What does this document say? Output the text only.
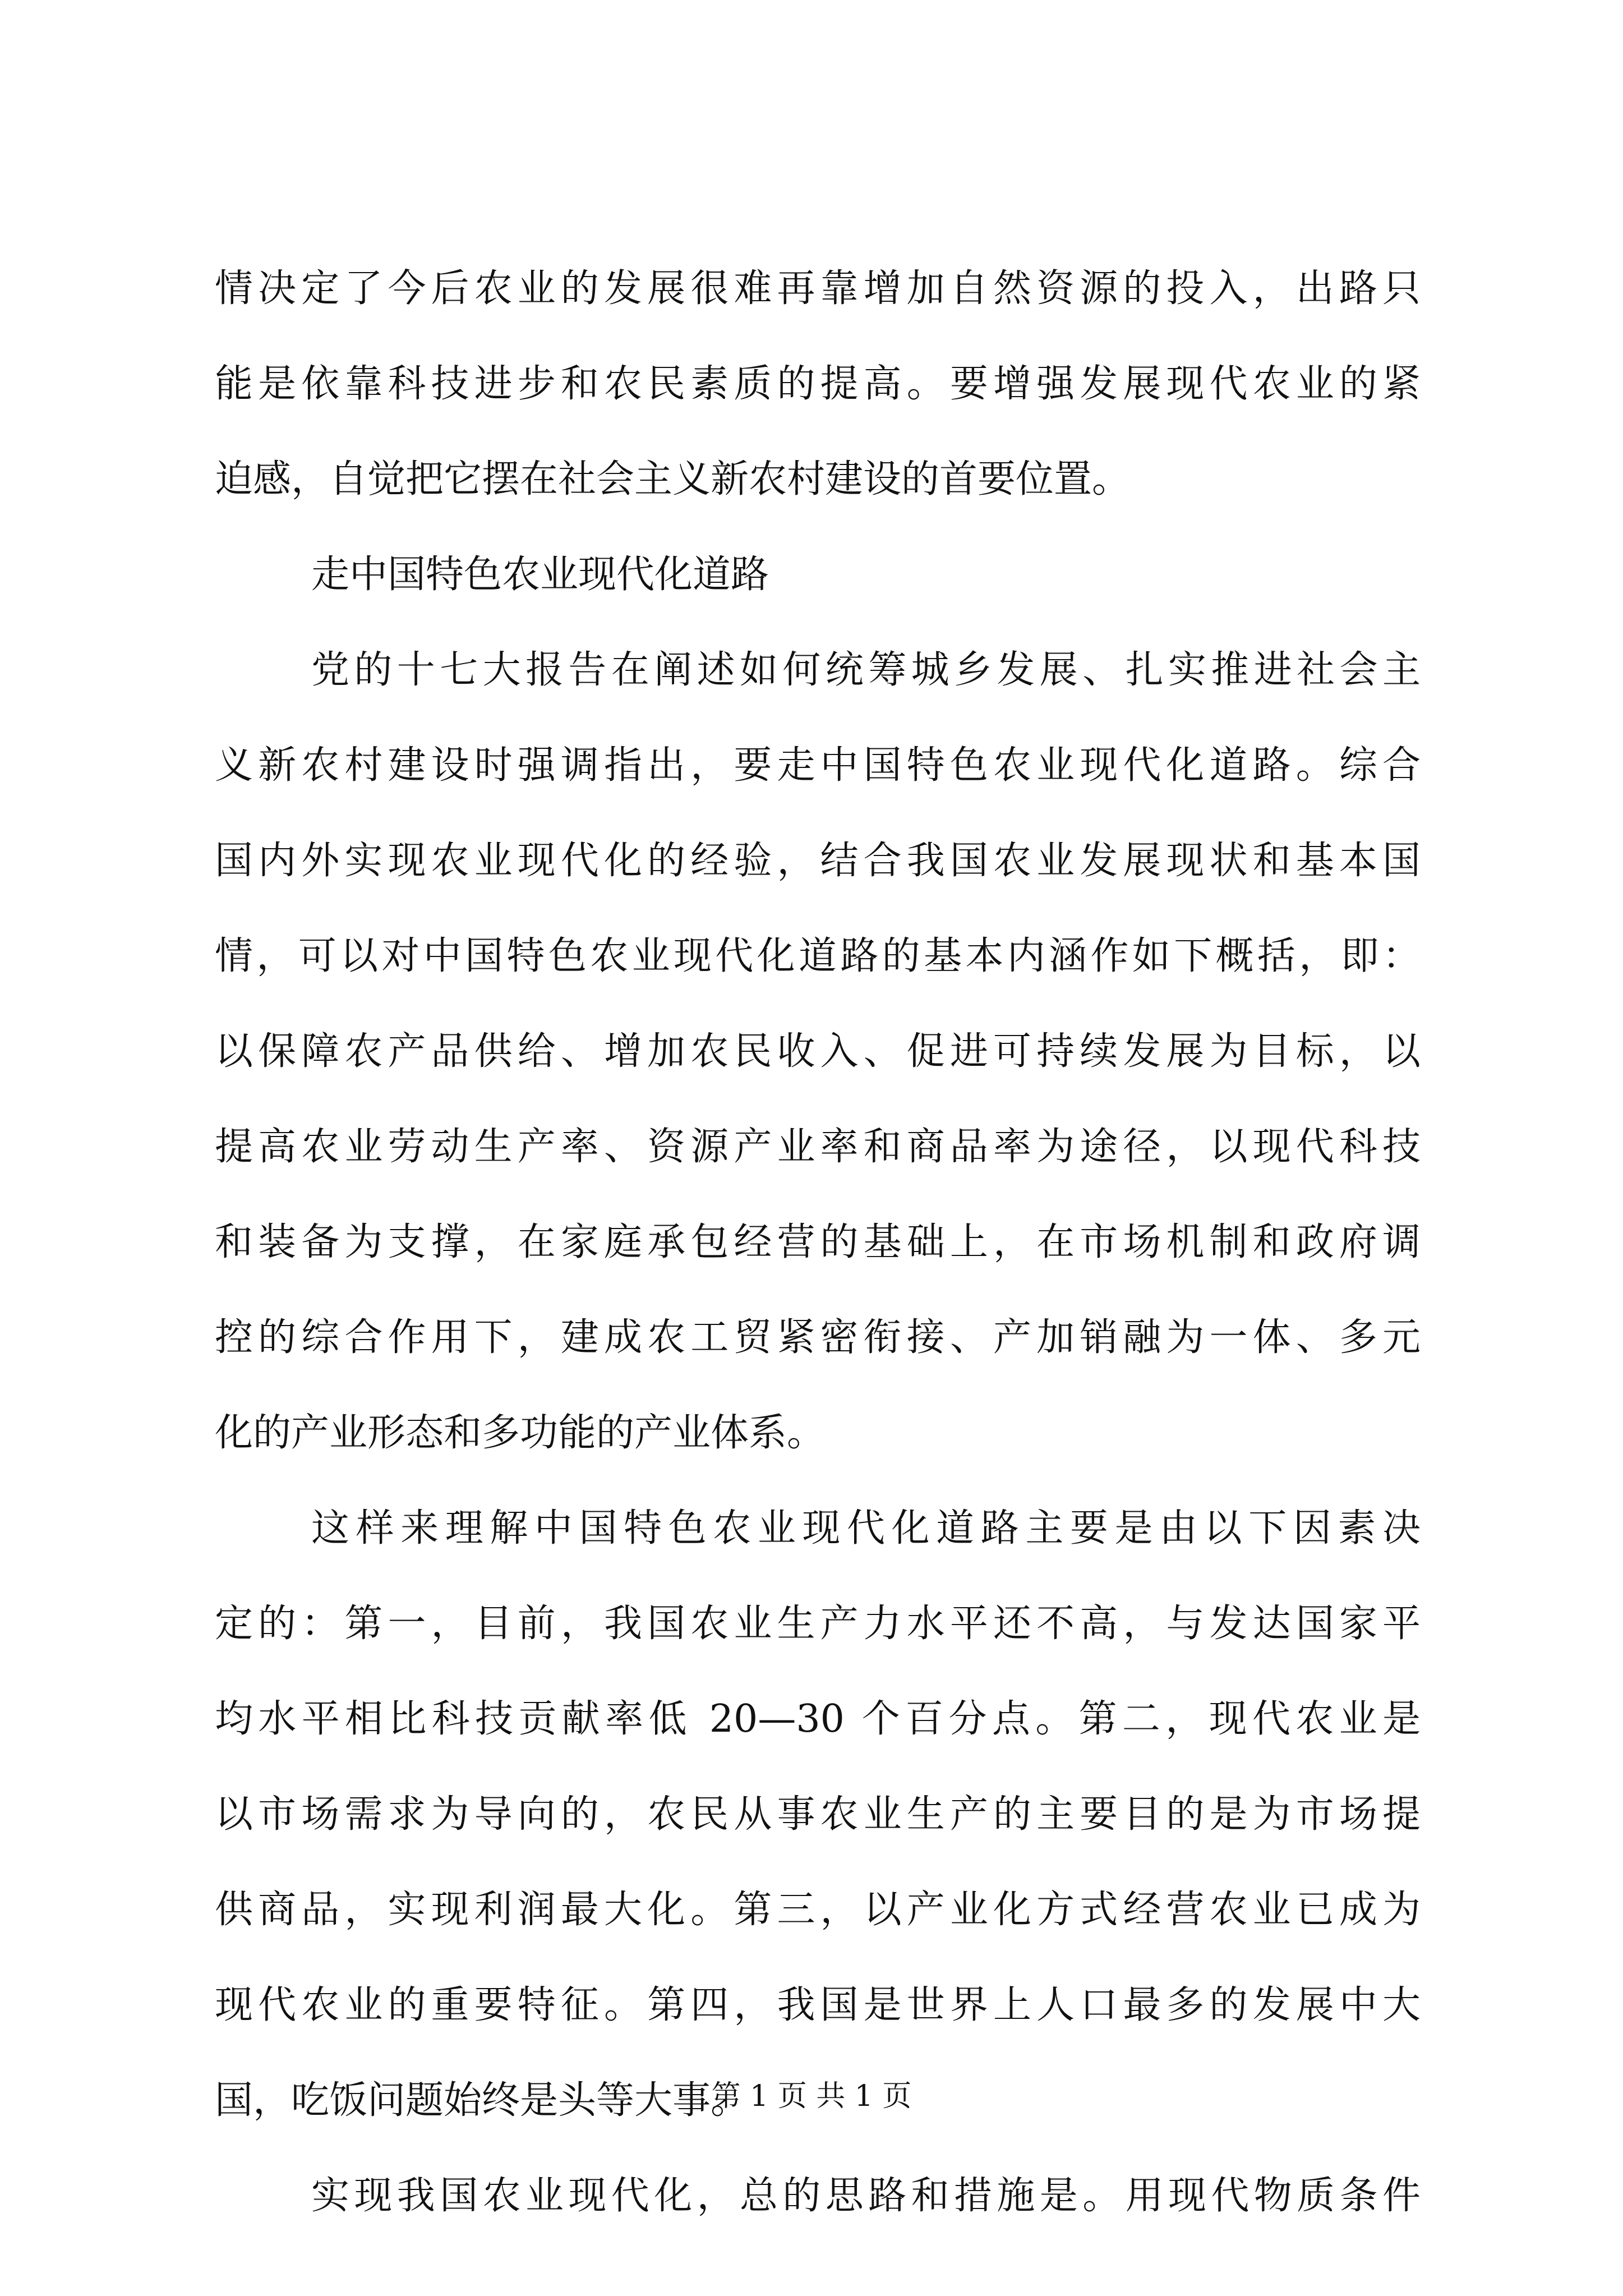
情决定了今后农业的发展很难再靠增加自然资源的投入，出路只
能是依靠科技进步和农民素质的提高。要增强发展现代农业的紧
迫感，自觉把它摆在社会主义新农村建设的首要位置。
走中国特色农业现代化道路
党的十七大报告在阐述如何统筹城乡发展、扎实推进社会主
义新农村建设时强调指出，要走中国特色农业现代化道路。综合
国内外实现农业现代化的经验，结合我国农业发展现状和基本国
情，可以对中国特色农业现代化道路的基本内涵作如下概括，即：
以保障农产品供给、增加农民收入、促进可持续发展为目标，以
提高农业劳动生产率、资源产业率和商品率为途径，以现代科技
和装备为支撑，在家庭承包经营的基础上，在市场机制和政府调
控的综合作用下，建成农工贸紧密衔接、产加销融为一体、多元
化的产业形态和多功能的产业体系。
这样来理解中国特色农业现代化道路主要是由以下因素决
定的：第一，目前，我国农业生产力水平还不高，与发达国家平
均水平相比科技贡献率低 20—30 个百分点。第二，现代农业是
以市场需求为导向的，农民从事农业生产的主要目的是为市场提
供商品，实现利润最大化。第三，以产业化方式经营农业已成为
现代农业的重要特征。第四，我国是世界上人口最多的发展中大
国，吃饭问题始终是头等大事。
实现我国农业现代化，总的思路和措施是。用现代物质条件
第 1 页 共 1 页
